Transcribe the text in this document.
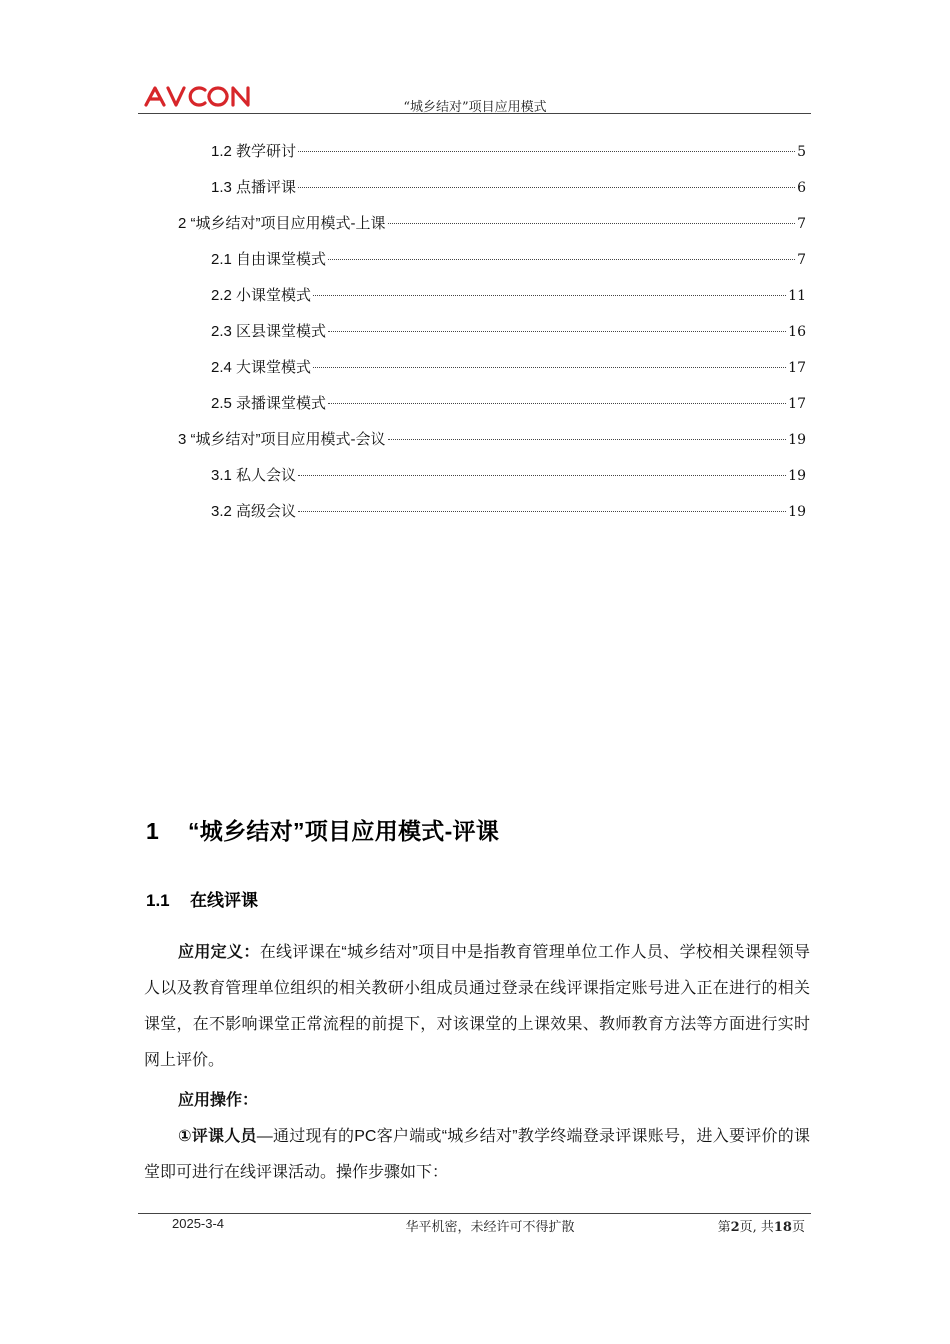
“城乡结对”项目应用模式
1.2 教学研讨	5
1.3 点播评课	6
2 “城乡结对”项目应用模式-上课	7
2.1 自由课堂模式	7
2.2 小课堂模式	11
2.3 区县课堂模式	16
2.4 大课堂模式	17
2.5 录播课堂模式	17
3 “城乡结对”项目应用模式-会议	19
3.1 私人会议	19
3.2 高级会议	19
1 “城乡结对”项目应用模式-评课
1.1 在线评课
应用定义：在线评课在“城乡结对”项目中是指教育管理单位工作人员、学校相关课程领导人以及教育管理单位组织的相关教研小组成员通过登录在线评课指定账号进入正在进行的相关课堂，在不影响课堂正常流程的前提下，对该课堂的上课效果、教师教育方法等方面进行实时网上评价。
应用操作：
①评课人员—通过现有的PC客户端或“城乡结对”教学终端登录评课账号，进入要评价的课堂即可进行在线评课活动。操作步骤如下：
2025-3-4	华平机密，未经许可不得扩散	第2页, 共18页
